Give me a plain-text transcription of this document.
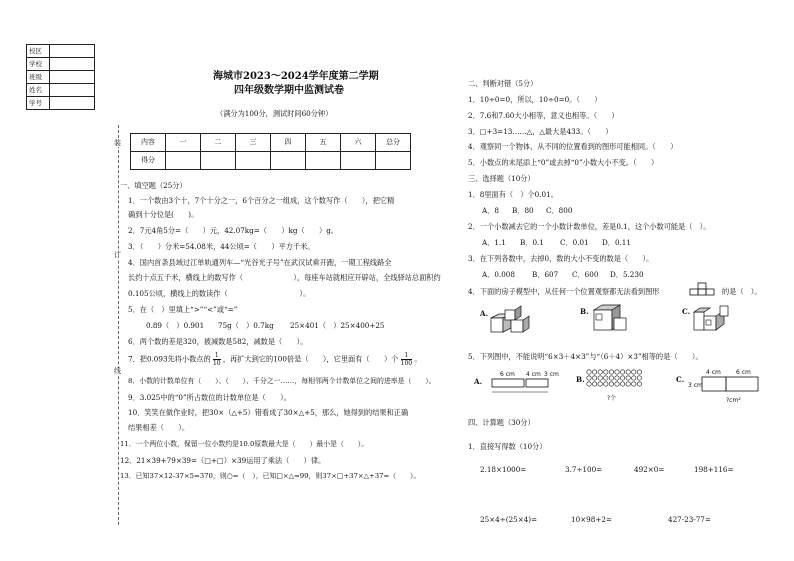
校区	
学校	
班级	
姓名	
学号	
装
订
线
海城市2023～2024学年度第二学期
四年级数学期中监测试卷
（满分为100分，测试时间60分钟）
内容	一	二	三	四	五	六	总分
得分							
一、填空题（25分）
1．一个数由3个十，7个十分之一，6个百分之一组成，这个数写作（　　），把它精
确到十分位是(　　)。
2．7元4角5分=（　　）元，42.07kg=（　　）kg（　　）g。
3．（　　）分米=54.08米，44公顷=（　　）平方千米。
4．国内首条县域过江单轨通列车—“光谷光子号”在武汉试乘开跑，一期工程线路全
长约十点五千米，横线上的数写作（　　　　　　　），每座车站就相应开辟站，全线驿站总面积约
0.105公顷，横线上的数读作（　　　　　　　　　　）。
5．在（　）里填上“>”“<”或“=”
0.89（　）0.901 75g（　）0.7kg 25×401（　）25×400+25
6．两个数的差是320，被减数是582，减数是（　　）。
7．把0.093先将小数点的 $\frac{1}{10}$ ，再扩大到它的100倍是（　　），它里面有（　　）个 $\frac{1}{100}$ 。
8．小数的计数单位有（　　）、（　　）、千分之一……，每相邻两个计数单位之间的进率是（　　）。
9．3.025中的“0”所占数位的计数单位是（　　）。
10．笑笑在做作业时，把30×（△+5）错看成了30×△+5，那么，她得到的结果和正确
结果相差（　　）。
11．一个两位小数，保留一位小数约是10.0原数最大是（　　）最小是（　　）。
12．21×39+79×39=（□+□）×39运用了乘法（　　）律。
13．已知37×12-37×5=370，则○=（　），已知□×△=99，则37×□+37×△+37=（　　）。
二、判断对错（5分）
1．10÷0=0，所以，10÷0=0。（　　）
2．7.6和7.60大小相等，意义也相等。（　　）
3．□+3=13……△，△最大是433。（　　）
4．观察同一个物体，从不同的位置看到的图形可能相同。（　　）
5．小数点的末尾添上“0”或去掉“0”小数大小不变。（　　）
三、选择题（10分）
1．8里面有（　）个0.01。
A．8 B．80 C．800
2．一个小数减去它的一个小数计数单位，差是0.1，这个小数可能是（　）。
A．1.1 B．0.1 C．0.01 D．0.11
3．在下列各数中，去掉0，数的大小不变的数是（　　）。
A．0.008 B．607 C．600 D．5.230
4．下面的房子模型中，从任何一个位置观察都无法看到图形	的是（　）。
A.	B.	C.
5．下列图中，不能说明“6×3＋4×3”与“（6＋4）×3”相等的是（　　）。
A.
6 cm 4 cm 3 cm
B.
?个
C.
4 cm	6 cm
3 cm
?cm²
四、计算题（30分）
1．直接写得数（10分）
2.18×1000=	3.7÷100=	492×0=	198+116=
25×4÷(25×4)=	10×98+2=	427-23-77=
